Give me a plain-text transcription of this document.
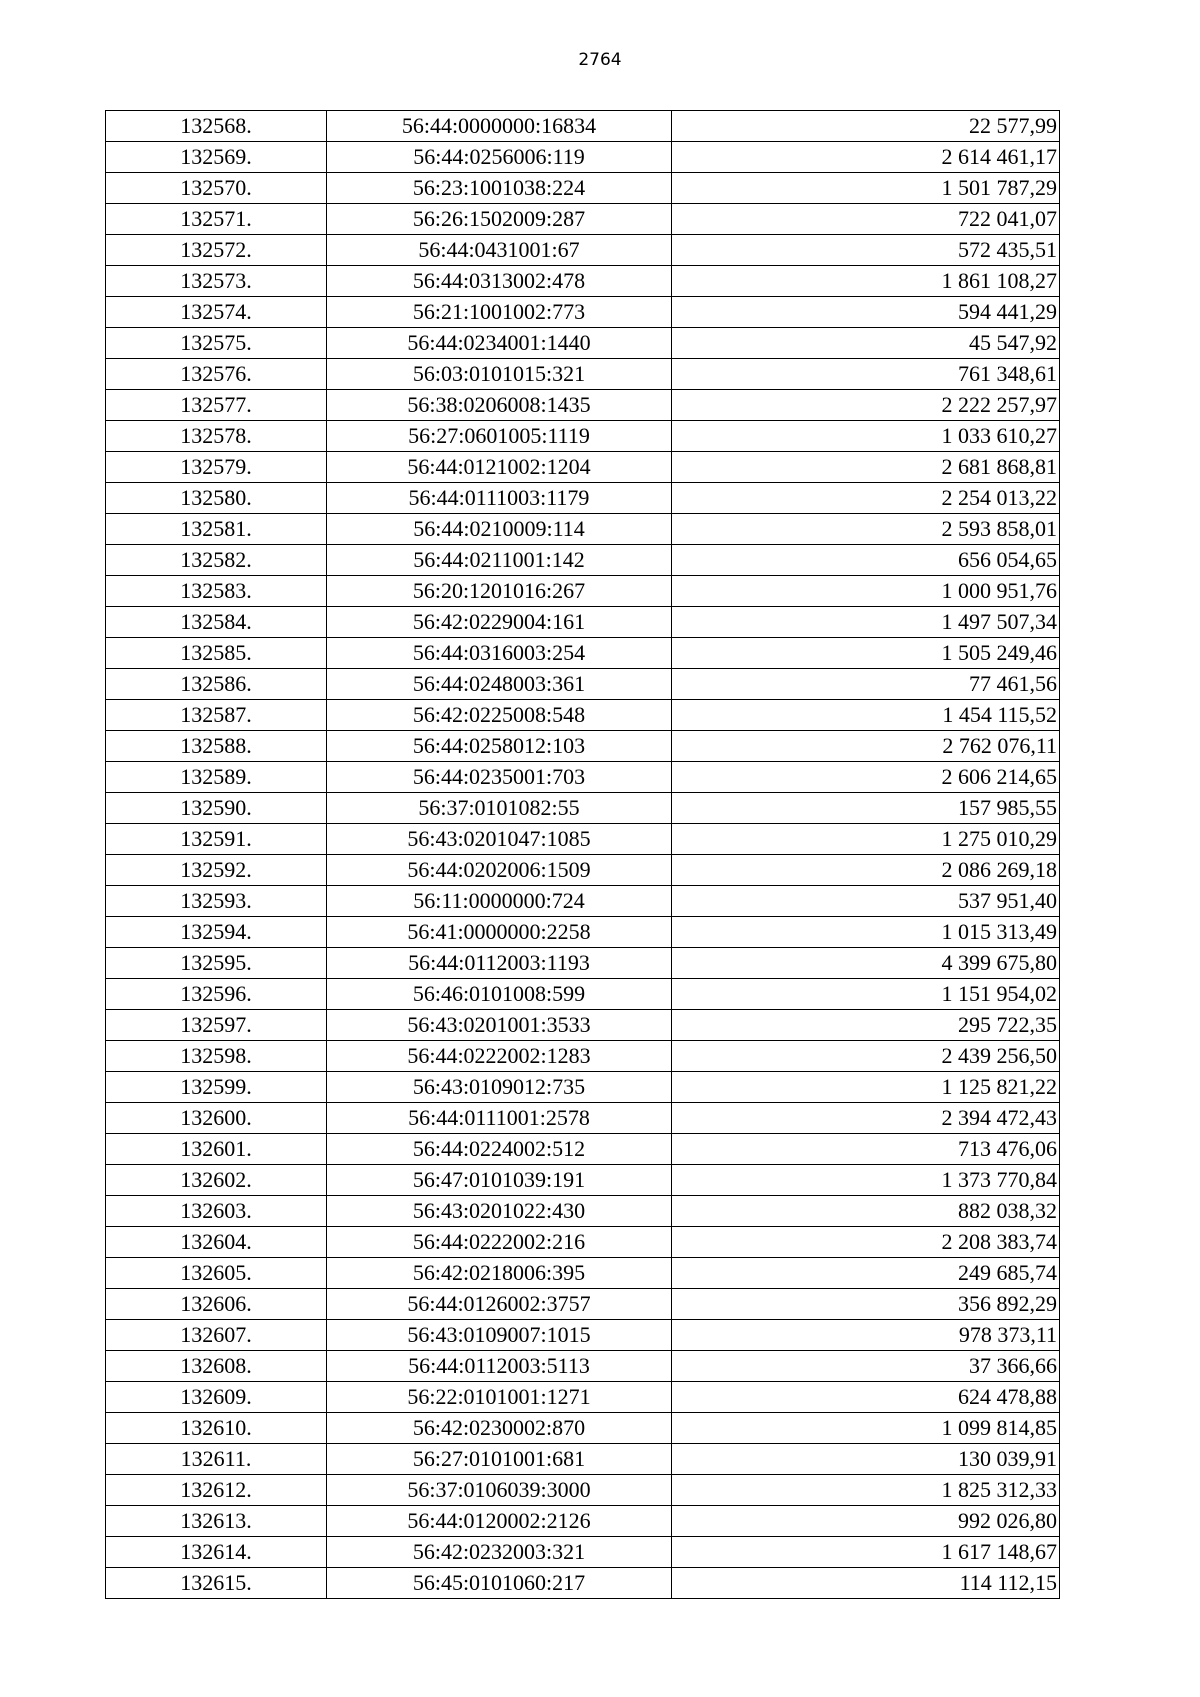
2764
132568.	56:44:0000000:16834	22 577,99
132569.	56:44:0256006:119	2 614 461,17
132570.	56:23:1001038:224	1 501 787,29
132571.	56:26:1502009:287	722 041,07
132572.	56:44:0431001:67	572 435,51
132573.	56:44:0313002:478	1 861 108,27
132574.	56:21:1001002:773	594 441,29
132575.	56:44:0234001:1440	45 547,92
132576.	56:03:0101015:321	761 348,61
132577.	56:38:0206008:1435	2 222 257,97
132578.	56:27:0601005:1119	1 033 610,27
132579.	56:44:0121002:1204	2 681 868,81
132580.	56:44:0111003:1179	2 254 013,22
132581.	56:44:0210009:114	2 593 858,01
132582.	56:44:0211001:142	656 054,65
132583.	56:20:1201016:267	1 000 951,76
132584.	56:42:0229004:161	1 497 507,34
132585.	56:44:0316003:254	1 505 249,46
132586.	56:44:0248003:361	77 461,56
132587.	56:42:0225008:548	1 454 115,52
132588.	56:44:0258012:103	2 762 076,11
132589.	56:44:0235001:703	2 606 214,65
132590.	56:37:0101082:55	157 985,55
132591.	56:43:0201047:1085	1 275 010,29
132592.	56:44:0202006:1509	2 086 269,18
132593.	56:11:0000000:724	537 951,40
132594.	56:41:0000000:2258	1 015 313,49
132595.	56:44:0112003:1193	4 399 675,80
132596.	56:46:0101008:599	1 151 954,02
132597.	56:43:0201001:3533	295 722,35
132598.	56:44:0222002:1283	2 439 256,50
132599.	56:43:0109012:735	1 125 821,22
132600.	56:44:0111001:2578	2 394 472,43
132601.	56:44:0224002:512	713 476,06
132602.	56:47:0101039:191	1 373 770,84
132603.	56:43:0201022:430	882 038,32
132604.	56:44:0222002:216	2 208 383,74
132605.	56:42:0218006:395	249 685,74
132606.	56:44:0126002:3757	356 892,29
132607.	56:43:0109007:1015	978 373,11
132608.	56:44:0112003:5113	37 366,66
132609.	56:22:0101001:1271	624 478,88
132610.	56:42:0230002:870	1 099 814,85
132611.	56:27:0101001:681	130 039,91
132612.	56:37:0106039:3000	1 825 312,33
132613.	56:44:0120002:2126	992 026,80
132614.	56:42:0232003:321	1 617 148,67
132615.	56:45:0101060:217	114 112,15
